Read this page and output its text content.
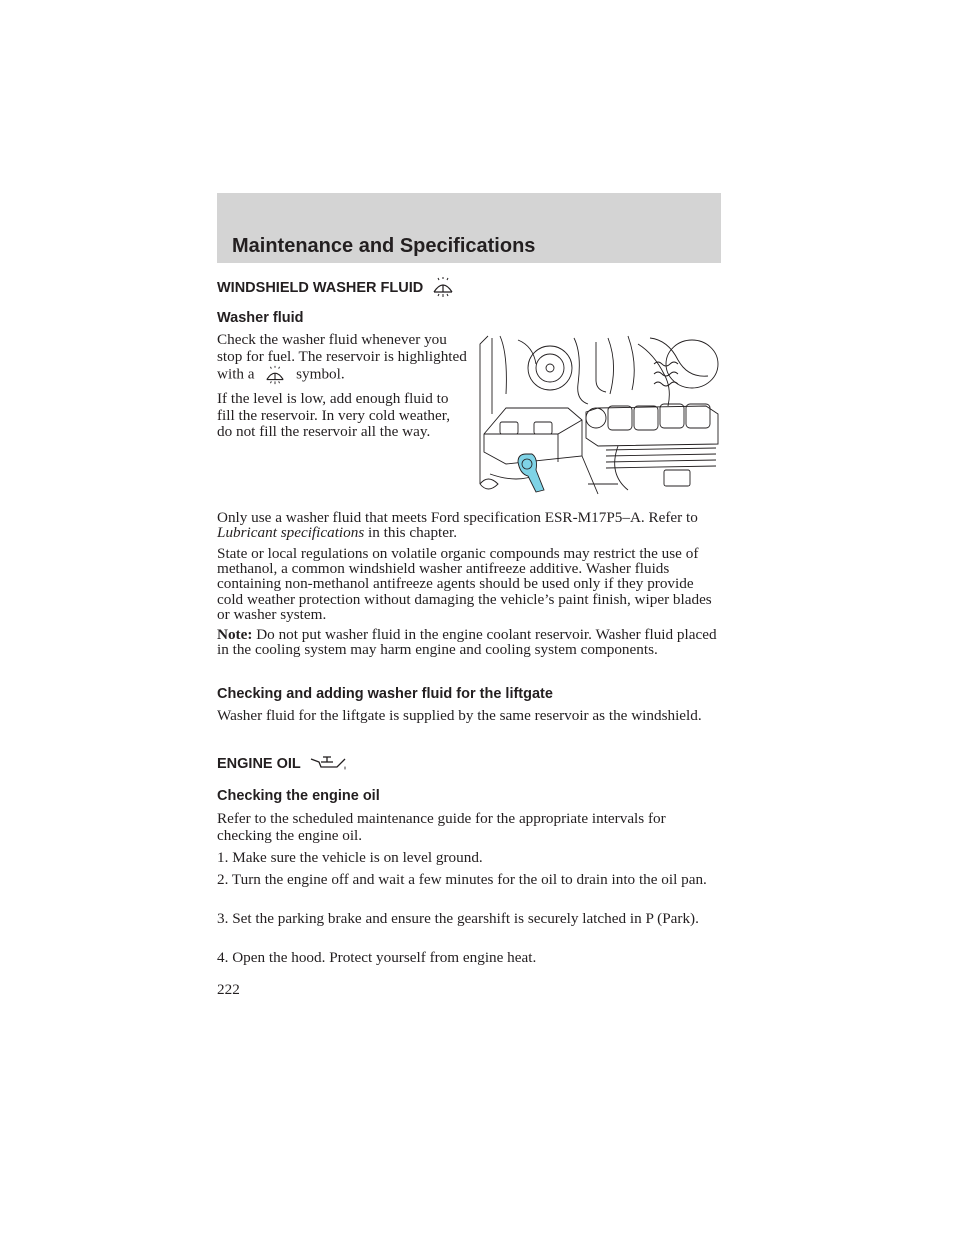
Maintenance and Specifications
WINDSHIELD WASHER FLUID
Washer fluid

Check the washer fluid whenever you stop for fuel. The reservoir is highlighted with a	symbol.

If the level is low, add enough fluid to fill the reservoir. In very cold weather, do not fill the reservoir all the way.

Only use a washer fluid that meets Ford specification ESR-M17P5–A. Refer to Lubricant specifications in this chapter.

State or local regulations on volatile organic compounds may restrict the use of methanol, a common windshield washer antifreeze additive. Washer fluids containing non-methanol antifreeze agents should be used only if they provide cold weather protection without damaging the vehicle’s paint finish, wiper blades or washer system.

Note: Do not put washer fluid in the engine coolant reservoir. Washer fluid placed in the cooling system may harm engine and cooling system components.

Checking and adding washer fluid for the liftgate

Washer fluid for the liftgate is supplied by the same reservoir as the windshield.

ENGINE OIL
Checking the engine oil

Refer to the scheduled maintenance guide for the appropriate intervals for checking the engine oil.

1. Make sure the vehicle is on level ground.

2. Turn the engine off and wait a few minutes for the oil to drain into the oil pan.

3. Set the parking brake and ensure the gearshift is securely latched in P (Park).

4. Open the hood. Protect yourself from engine heat.

222
